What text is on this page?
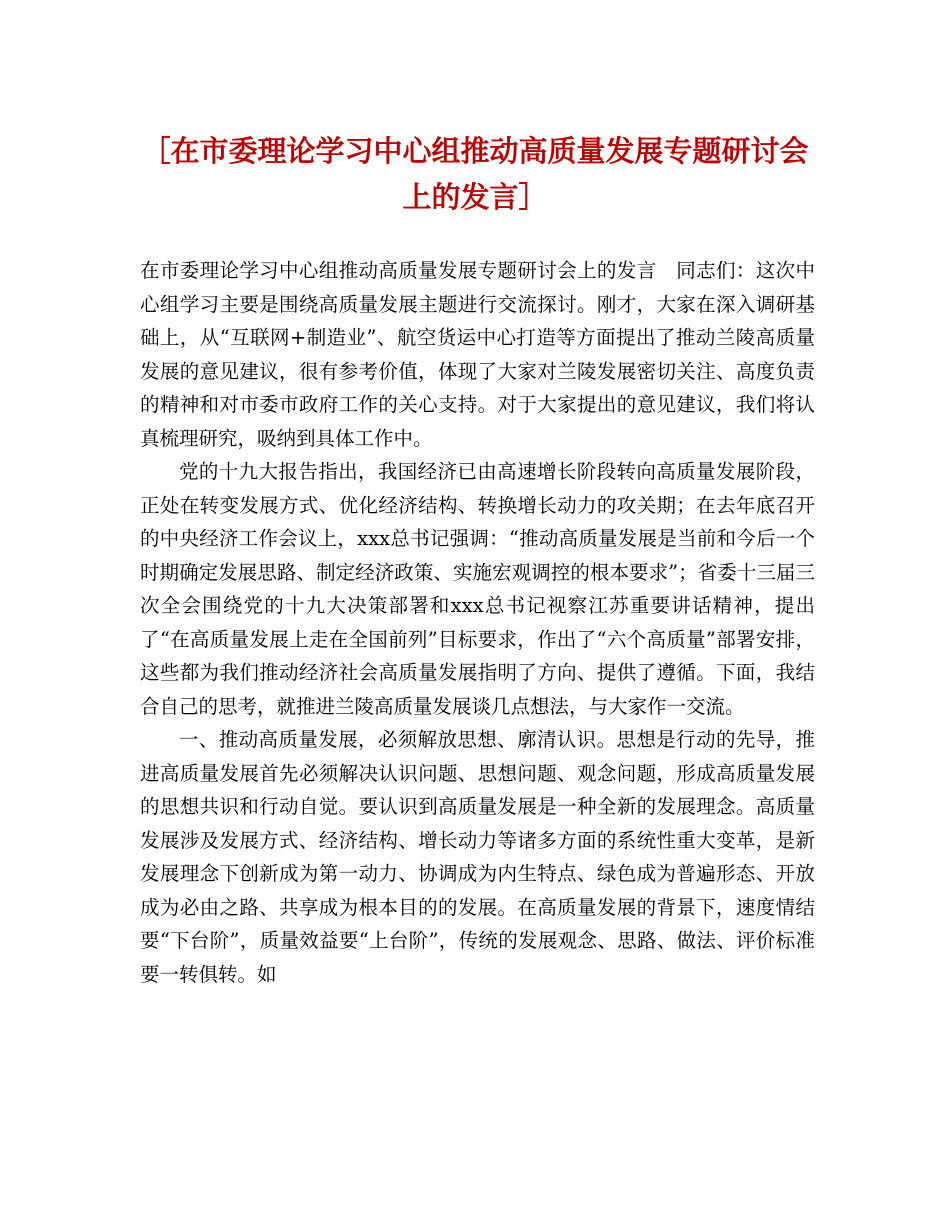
［在市委理论学习中心组推动高质量发展专题研讨会上的发言］

在市委理论学习中心组推动高质量发展专题研讨会上的发言　同志们：这次中心组学习主要是围绕高质量发展主题进行交流探讨。刚才，大家在深入调研基础上，从“互联网+制造业”、航空货运中心打造等方面提出了推动兰陵高质量发展的意见建议，很有参考价值，体现了大家对兰陵发展密切关注、高度负责的精神和对市委市政府工作的关心支持。对于大家提出的意见建议，我们将认真梳理研究，吸纳到具体工作中。

党的十九大报告指出，我国经济已由高速增长阶段转向高质量发展阶段，正处在转变发展方式、优化经济结构、转换增长动力的攻关期；在去年底召开的中央经济工作会议上，xxx总书记强调：“推动高质量发展是当前和今后一个时期确定发展思路、制定经济政策、实施宏观调控的根本要求”；省委十三届三次全会围绕党的十九大决策部署和xxx总书记视察江苏重要讲话精神，提出了“在高质量发展上走在全国前列”目标要求，作出了“六个高质量”部署安排，这些都为我们推动经济社会高质量发展指明了方向、提供了遵循。下面，我结合自己的思考，就推进兰陵高质量发展谈几点想法，与大家作一交流。

一、推动高质量发展，必须解放思想、廓清认识。思想是行动的先导，推进高质量发展首先必须解决认识问题、思想问题、观念问题，形成高质量发展的思想共识和行动自觉。要认识到高质量发展是一种全新的发展理念。高质量发展涉及发展方式、经济结构、增长动力等诸多方面的系统性重大变革，是新发展理念下创新成为第一动力、协调成为内生特点、绿色成为普遍形态、开放成为必由之路、共享成为根本目的的发展。在高质量发展的背景下，速度情结要“下台阶”，质量效益要“上台阶”，传统的发展观念、思路、做法、评价标准要一转俱转。如
